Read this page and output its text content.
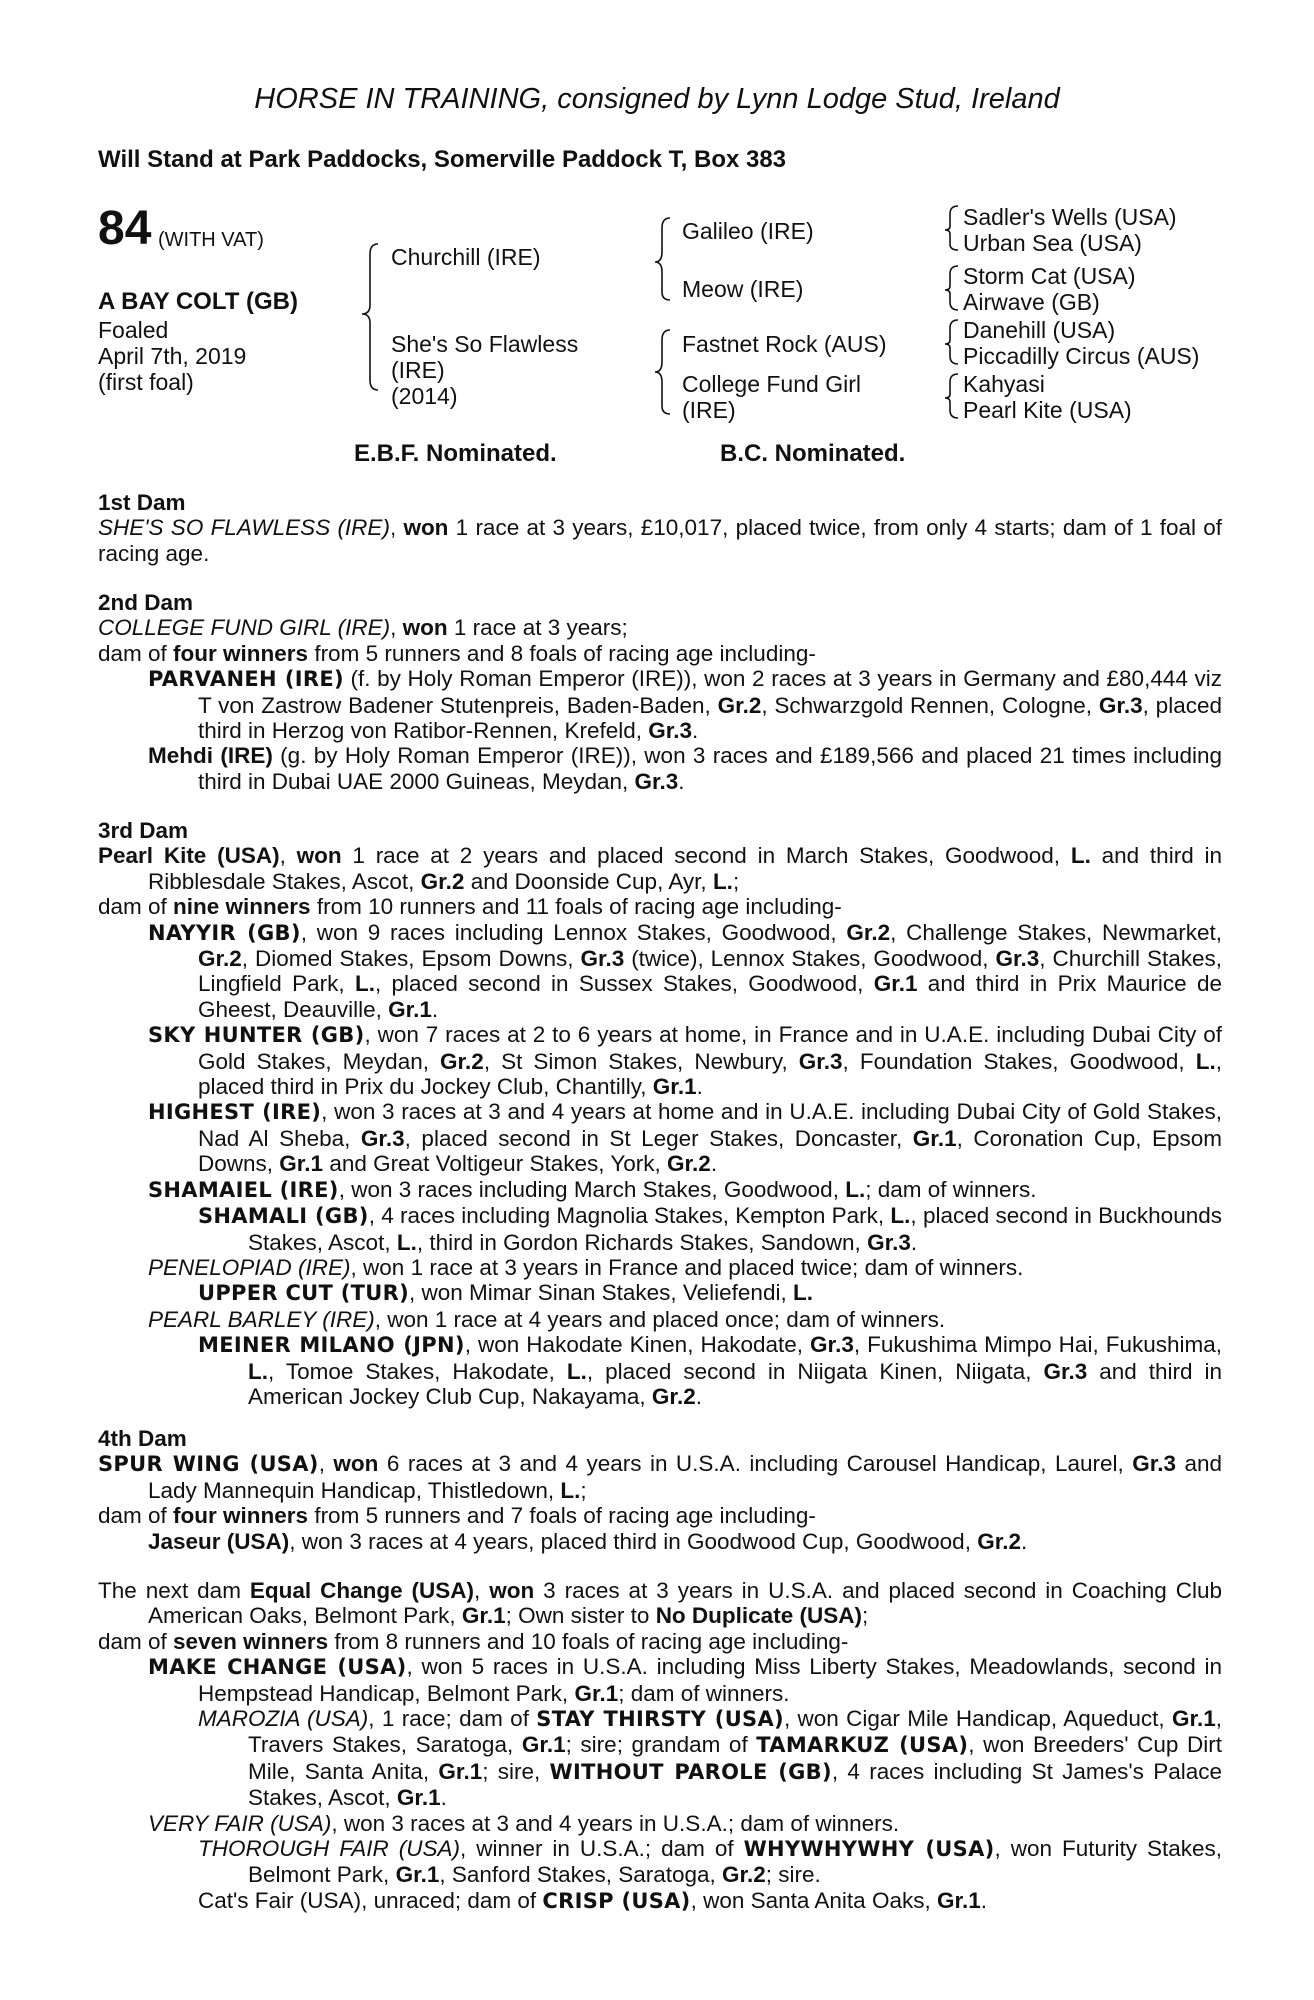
HORSE IN TRAINING, consigned by Lynn Lodge Stud, Ireland
Will Stand at Park Paddocks, Somerville Paddock T, Box 383
84 (WITH VAT)
A BAY COLT (GB)
Foaled
April 7th, 2019
(first foal)
Churchill (IRE)
She's So Flawless
(IRE)
(2014)
Galileo (IRE)
Meow (IRE)
Fastnet Rock (AUS)
College Fund Girl
(IRE)
Sadler's Wells (USA)
Urban Sea (USA)
Storm Cat (USA)
Airwave (GB)
Danehill (USA)
Piccadilly Circus (AUS)
Kahyasi
Pearl Kite (USA)
E.B.F. Nominated.	B.C. Nominated.

1st Dam

SHE'S SO FLAWLESS (IRE), won 1 race at 3 years, £10,017, placed twice, from only 4 starts; dam of 1 foal of racing age.

2nd Dam

COLLEGE FUND GIRL (IRE), won 1 race at 3 years;

dam of four winners from 5 runners and 8 foals of racing age including-

PARVANEH (IRE) (f. by Holy Roman Emperor (IRE)), won 2 races at 3 years in Germany and £80,444 viz T von Zastrow Badener Stutenpreis, Baden-Baden, Gr.2, Schwarzgold Rennen, Cologne, Gr.3, placed third in Herzog von Ratibor-Rennen, Krefeld, Gr.3.

Mehdi (IRE) (g. by Holy Roman Emperor (IRE)), won 3 races and £189,566 and placed 21 times including third in Dubai UAE 2000 Guineas, Meydan, Gr.3.

3rd Dam

Pearl Kite (USA), won 1 race at 2 years and placed second in March Stakes, Goodwood, L. and third in Ribblesdale Stakes, Ascot, Gr.2 and Doonside Cup, Ayr, L.;

dam of nine winners from 10 runners and 11 foals of racing age including-

NAYYIR (GB), won 9 races including Lennox Stakes, Goodwood, Gr.2, Challenge Stakes, Newmarket, Gr.2, Diomed Stakes, Epsom Downs, Gr.3 (twice), Lennox Stakes, Goodwood, Gr.3, Churchill Stakes, Lingfield Park, L., placed second in Sussex Stakes, Goodwood, Gr.1 and third in Prix Maurice de Gheest, Deauville, Gr.1.

SKY HUNTER (GB), won 7 races at 2 to 6 years at home, in France and in U.A.E. including Dubai City of Gold Stakes, Meydan, Gr.2, St Simon Stakes, Newbury, Gr.3, Foundation Stakes, Goodwood, L., placed third in Prix du Jockey Club, Chantilly, Gr.1.

HIGHEST (IRE), won 3 races at 3 and 4 years at home and in U.A.E. including Dubai City of Gold Stakes, Nad Al Sheba, Gr.3, placed second in St Leger Stakes, Doncaster, Gr.1, Coronation Cup, Epsom Downs, Gr.1 and Great Voltigeur Stakes, York, Gr.2.

SHAMAIEL (IRE), won 3 races including March Stakes, Goodwood, L.; dam of winners.

SHAMALI (GB), 4 races including Magnolia Stakes, Kempton Park, L., placed second in Buckhounds Stakes, Ascot, L., third in Gordon Richards Stakes, Sandown, Gr.3.

PENELOPIAD (IRE), won 1 race at 3 years in France and placed twice; dam of winners.

UPPER CUT (TUR), won Mimar Sinan Stakes, Veliefendi, L.

PEARL BARLEY (IRE), won 1 race at 4 years and placed once; dam of winners.

MEINER MILANO (JPN), won Hakodate Kinen, Hakodate, Gr.3, Fukushima Mimpo Hai, Fukushima, L., Tomoe Stakes, Hakodate, L., placed second in Niigata Kinen, Niigata, Gr.3 and third in American Jockey Club Cup, Nakayama, Gr.2.

4th Dam

SPUR WING (USA), won 6 races at 3 and 4 years in U.S.A. including Carousel Handicap, Laurel, Gr.3 and Lady Mannequin Handicap, Thistledown, L.;

dam of four winners from 5 runners and 7 foals of racing age including-

Jaseur (USA), won 3 races at 4 years, placed third in Goodwood Cup, Goodwood, Gr.2.

The next dam Equal Change (USA), won 3 races at 3 years in U.S.A. and placed second in Coaching Club American Oaks, Belmont Park, Gr.1; Own sister to No Duplicate (USA);

dam of seven winners from 8 runners and 10 foals of racing age including-

MAKE CHANGE (USA), won 5 races in U.S.A. including Miss Liberty Stakes, Meadowlands, second in Hempstead Handicap, Belmont Park, Gr.1; dam of winners.

MAROZIA (USA), 1 race; dam of STAY THIRSTY (USA), won Cigar Mile Handicap, Aqueduct, Gr.1, Travers Stakes, Saratoga, Gr.1; sire; grandam of TAMARKUZ (USA), won Breeders' Cup Dirt Mile, Santa Anita, Gr.1; sire, WITHOUT PAROLE (GB), 4 races including St James's Palace Stakes, Ascot, Gr.1.

VERY FAIR (USA), won 3 races at 3 and 4 years in U.S.A.; dam of winners.

THOROUGH FAIR (USA), winner in U.S.A.; dam of WHYWHYWHY (USA), won Futurity Stakes, Belmont Park, Gr.1, Sanford Stakes, Saratoga, Gr.2; sire.

Cat's Fair (USA), unraced; dam of CRISP (USA), won Santa Anita Oaks, Gr.1.
